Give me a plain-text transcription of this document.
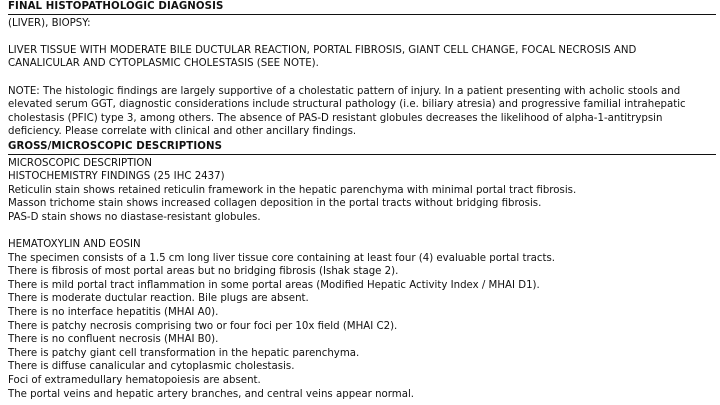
FINAL HISTOPATHOLOGIC DIAGNOSIS
(LIVER), BIOPSY:
LIVER TISSUE WITH MODERATE BILE DUCTULAR REACTION, PORTAL FIBROSIS, GIANT CELL CHANGE, FOCAL NECROSIS AND
CANALICULAR AND CYTOPLASMIC CHOLESTASIS (SEE NOTE).
NOTE: The histologic findings are largely supportive of a cholestatic pattern of injury. In a patient presenting with acholic stools and
elevated serum GGT, diagnostic considerations include structural pathology (i.e. biliary atresia) and progressive familial intrahepatic
cholestasis (PFIC) type 3, among others. The absence of PAS-D resistant globules decreases the likelihood of alpha-1-antitrypsin
deficiency. Please correlate with clinical and other ancillary findings.
GROSS/MICROSCOPIC DESCRIPTIONS
MICROSCOPIC DESCRIPTION
HISTOCHEMISTRY FINDINGS (25 IHC 2437)
Reticulin stain shows retained reticulin framework in the hepatic parenchyma with minimal portal tract fibrosis.
Masson trichome stain shows increased collagen deposition in the portal tracts without bridging fibrosis.
PAS-D stain shows no diastase-resistant globules.
HEMATOXYLIN AND EOSIN
The specimen consists of a 1.5 cm long liver tissue core containing at least four (4) evaluable portal tracts.
There is fibrosis of most portal areas but no bridging fibrosis (Ishak stage 2).
There is mild portal tract inflammation in some portal areas (Modified Hepatic Activity Index / MHAI D1).
There is moderate ductular reaction. Bile plugs are absent.
There is no interface hepatitis (MHAI A0).
There is patchy necrosis comprising two or four foci per 10x field (MHAI C2).
There is no confluent necrosis (MHAI B0).
There is patchy giant cell transformation in the hepatic parenchyma.
There is diffuse canalicular and cytoplasmic cholestasis.
Foci of extramedullary hematopoiesis are absent.
The portal veins and hepatic artery branches, and central veins appear normal.
